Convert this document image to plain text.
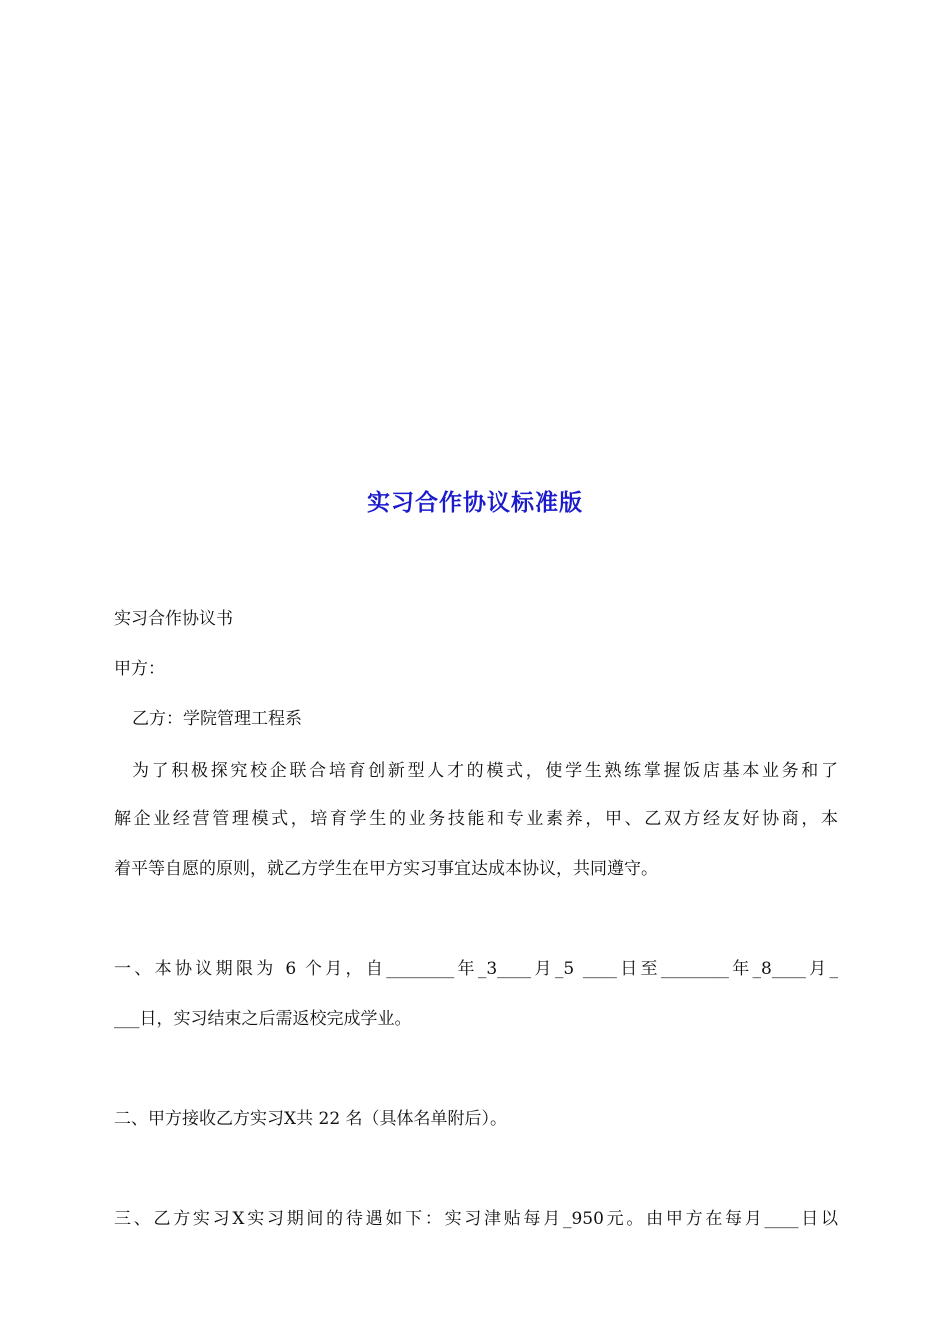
实习合作协议标准版
实习合作协议书
甲方：
乙方：学院管理工程系
为了积极探究校企联合培育创新型人才的模式，使学生熟练掌握饭店基本业务和了
解企业经营管理模式，培育学生的业务技能和专业素养，甲、乙双方经友好协商，本
着平等自愿的原则，就乙方学生在甲方实习事宜达成本协议，共同遵守。
一、本协议期限为 6 个月，自________年_3____月_5 ____日至________年_8____月_
___日，实习结束之后需返校完成学业。
二、甲方接收乙方实习X共 22 名（具体名单附后）。
三、乙方实习X实习期间的待遇如下：实习津贴每月_950元。由甲方在每月____日以
